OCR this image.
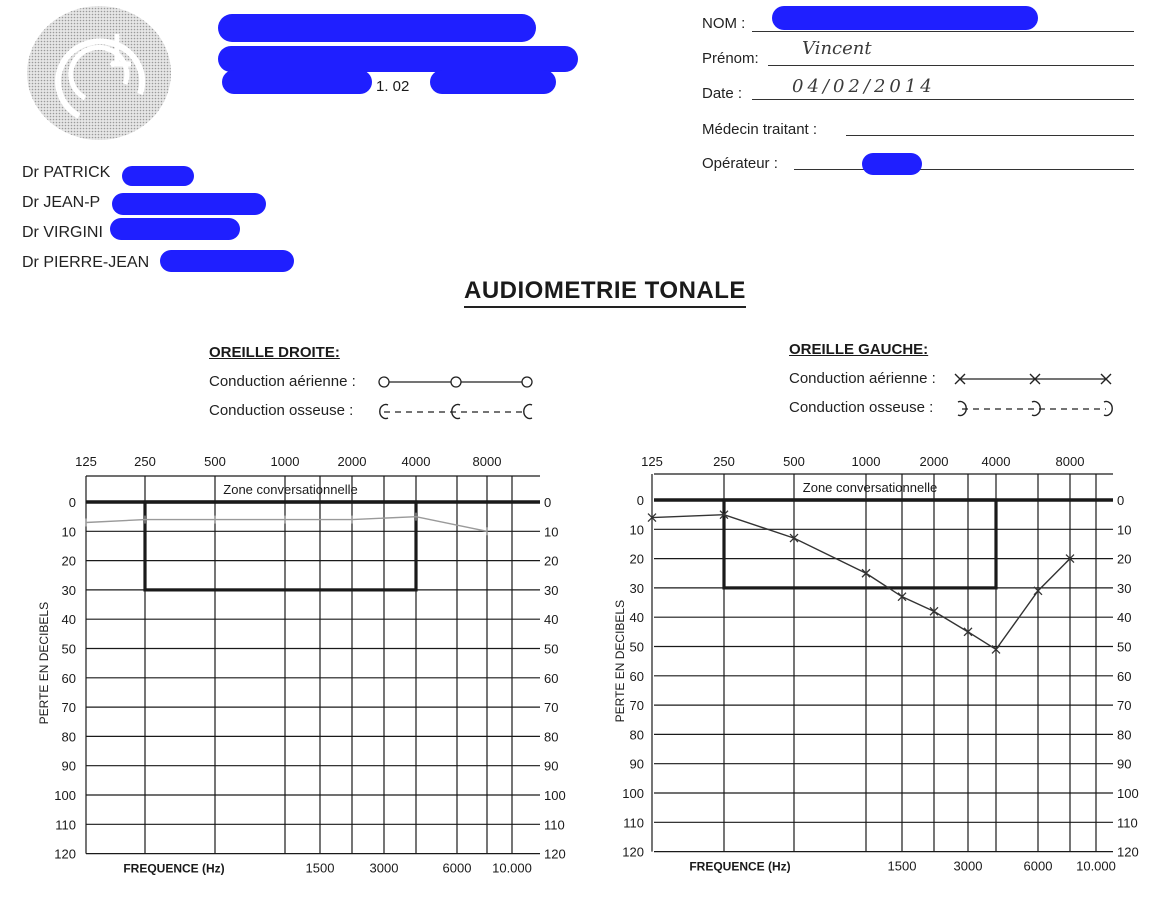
1. 02
Dr PATRICK
Dr JEAN-P
Dr VIRGINI
Dr PIERRE-JEAN
NOM :
Prénom: Vincent
Date :	04/02/2014
Médecin traitant :
Opérateur :
AUDIOMETRIE TONALE
OREILLE DROITE:
Conduction aérienne :
Conduction osseuse :
OREILLE GAUCHE:
Conduction aérienne :
Conduction osseuse :
0	0
10	10
20	20
30	30
40	40
50	50
60	60
70	70
80	80
90	90
100	100
110	110
120	120
125	250	500	1000	2000	4000	8000
1500	3000	6000 10.000
FREQUENCE (Hz)
PERTE EN DECIBELS
Zone conversationnelle
0	0
10	10
20	20
30	30
40	40
50	50
60	60
70	70
80	80
90	90
100	100
110	110
120	120
125	250	500	1000	2000	4000	8000
1500	3000	6000 10.000
FREQUENCE (Hz)
PERTE EN DECIBELS
Zone conversationnelle
